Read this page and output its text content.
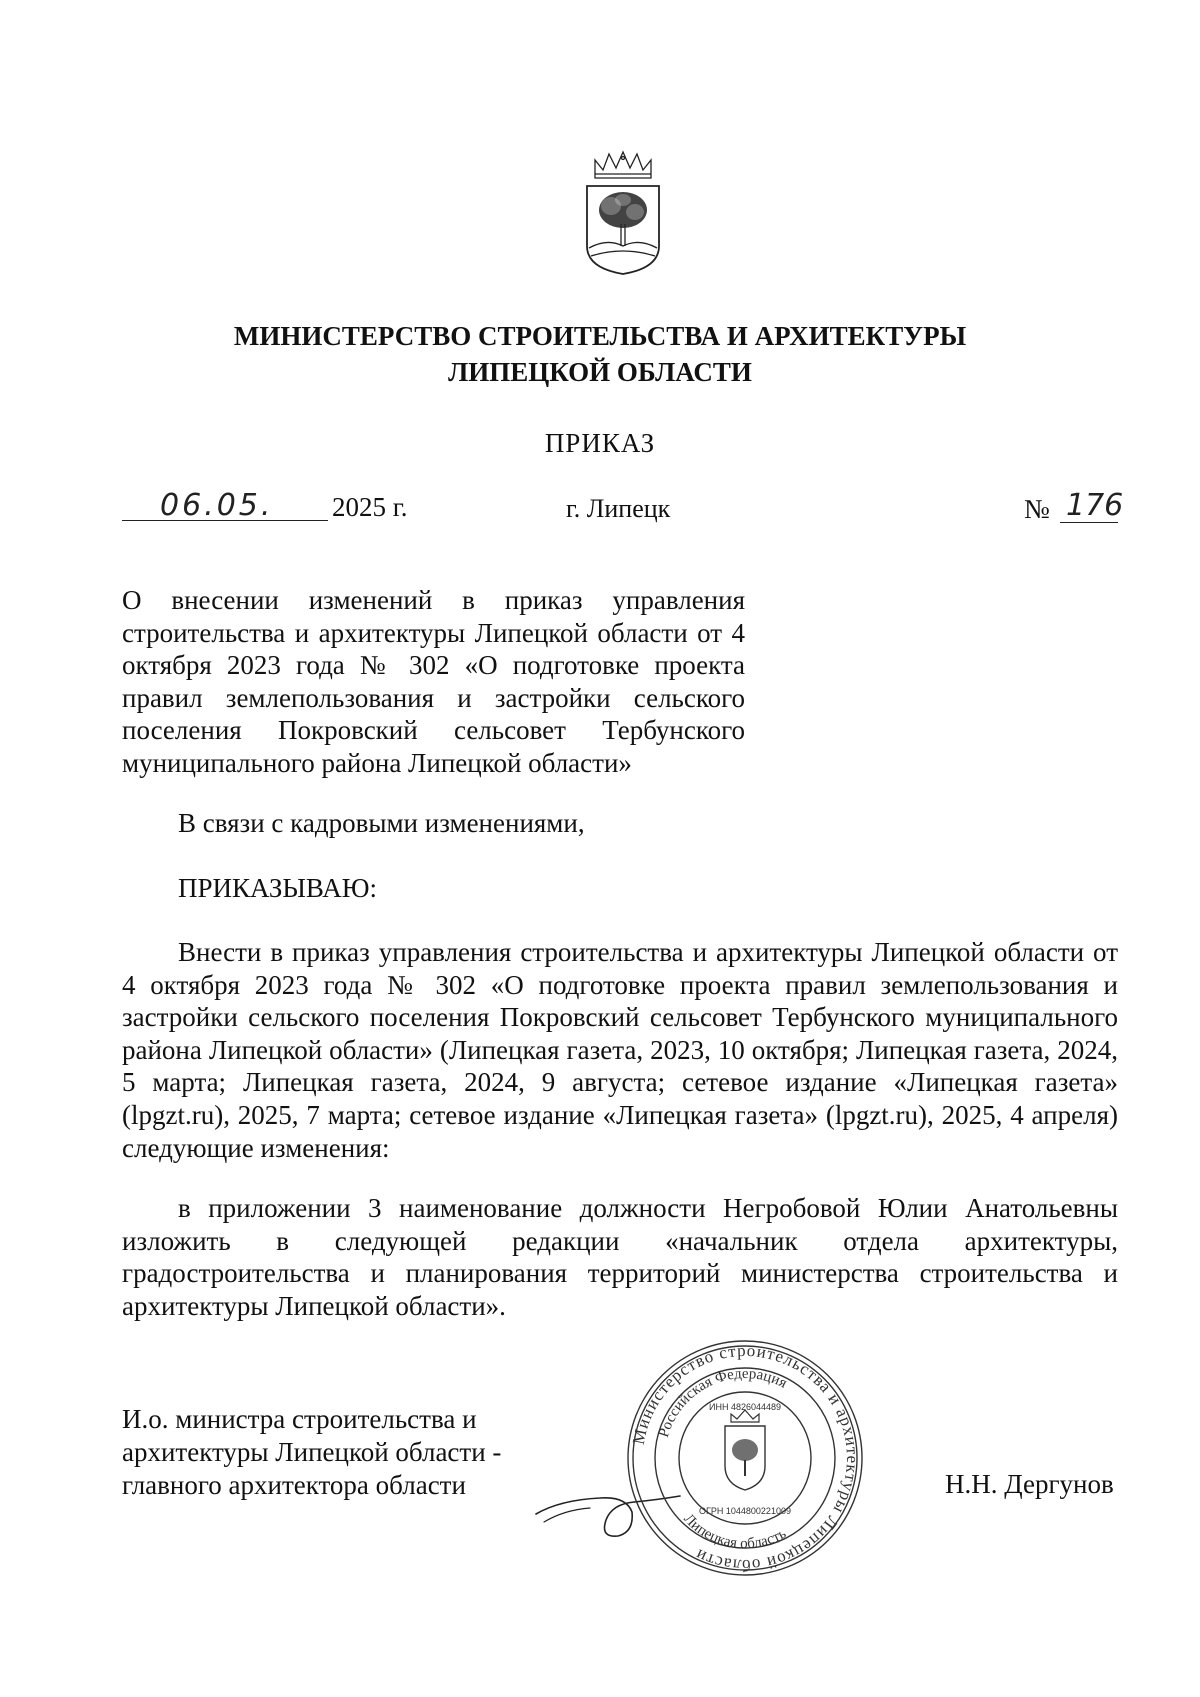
МИНИСТЕРСТВО СТРОИТЕЛЬСТВА И АРХИТЕКТУРЫ
ЛИПЕЦКОЙ ОБЛАСТИ
ПРИКАЗ
06.05. 2025 г.	г. Липецк	№ 176
О внесении изменений в приказ управления строительства и архитектуры Липецкой области от 4 октября 2023 года № 302 «О подготовке проекта правил землепользования и застройки сельского поселения Покровский сельсовет Тербунского муниципального района Липецкой области»
В связи с кадровыми изменениями,
ПРИКАЗЫВАЮ:
Внести в приказ управления строительства и архитектуры Липецкой области от 4 октября 2023 года № 302 «О подготовке проекта правил землепользования и застройки сельского поселения Покровский сельсовет Тербунского муниципального района Липецкой области» (Липецкая газета, 2023, 10 октября; Липецкая газета, 2024, 5 марта; Липецкая газета, 2024, 9 августа; сетевое издание «Липецкая газета» (lpgzt.ru), 2025, 7 марта; сетевое издание «Липецкая газета» (lpgzt.ru), 2025, 4 апреля) следующие изменения:
в приложении 3 наименование должности Негробовой Юлии Анатольевны изложить в следующей редакции «начальник отдела архитектуры, градостроительства и планирования территорий министерства строительства и архитектуры Липецкой области».
И.о. министра строительства и
архитектуры Липецкой области -
главного архитектора области	Н.Н. Дергунов
Министерство строительства и архитектуры Липецкой области
Российская Федерация
ИНН 4826044489
ОГРН 1044800221009
Липецкая область
